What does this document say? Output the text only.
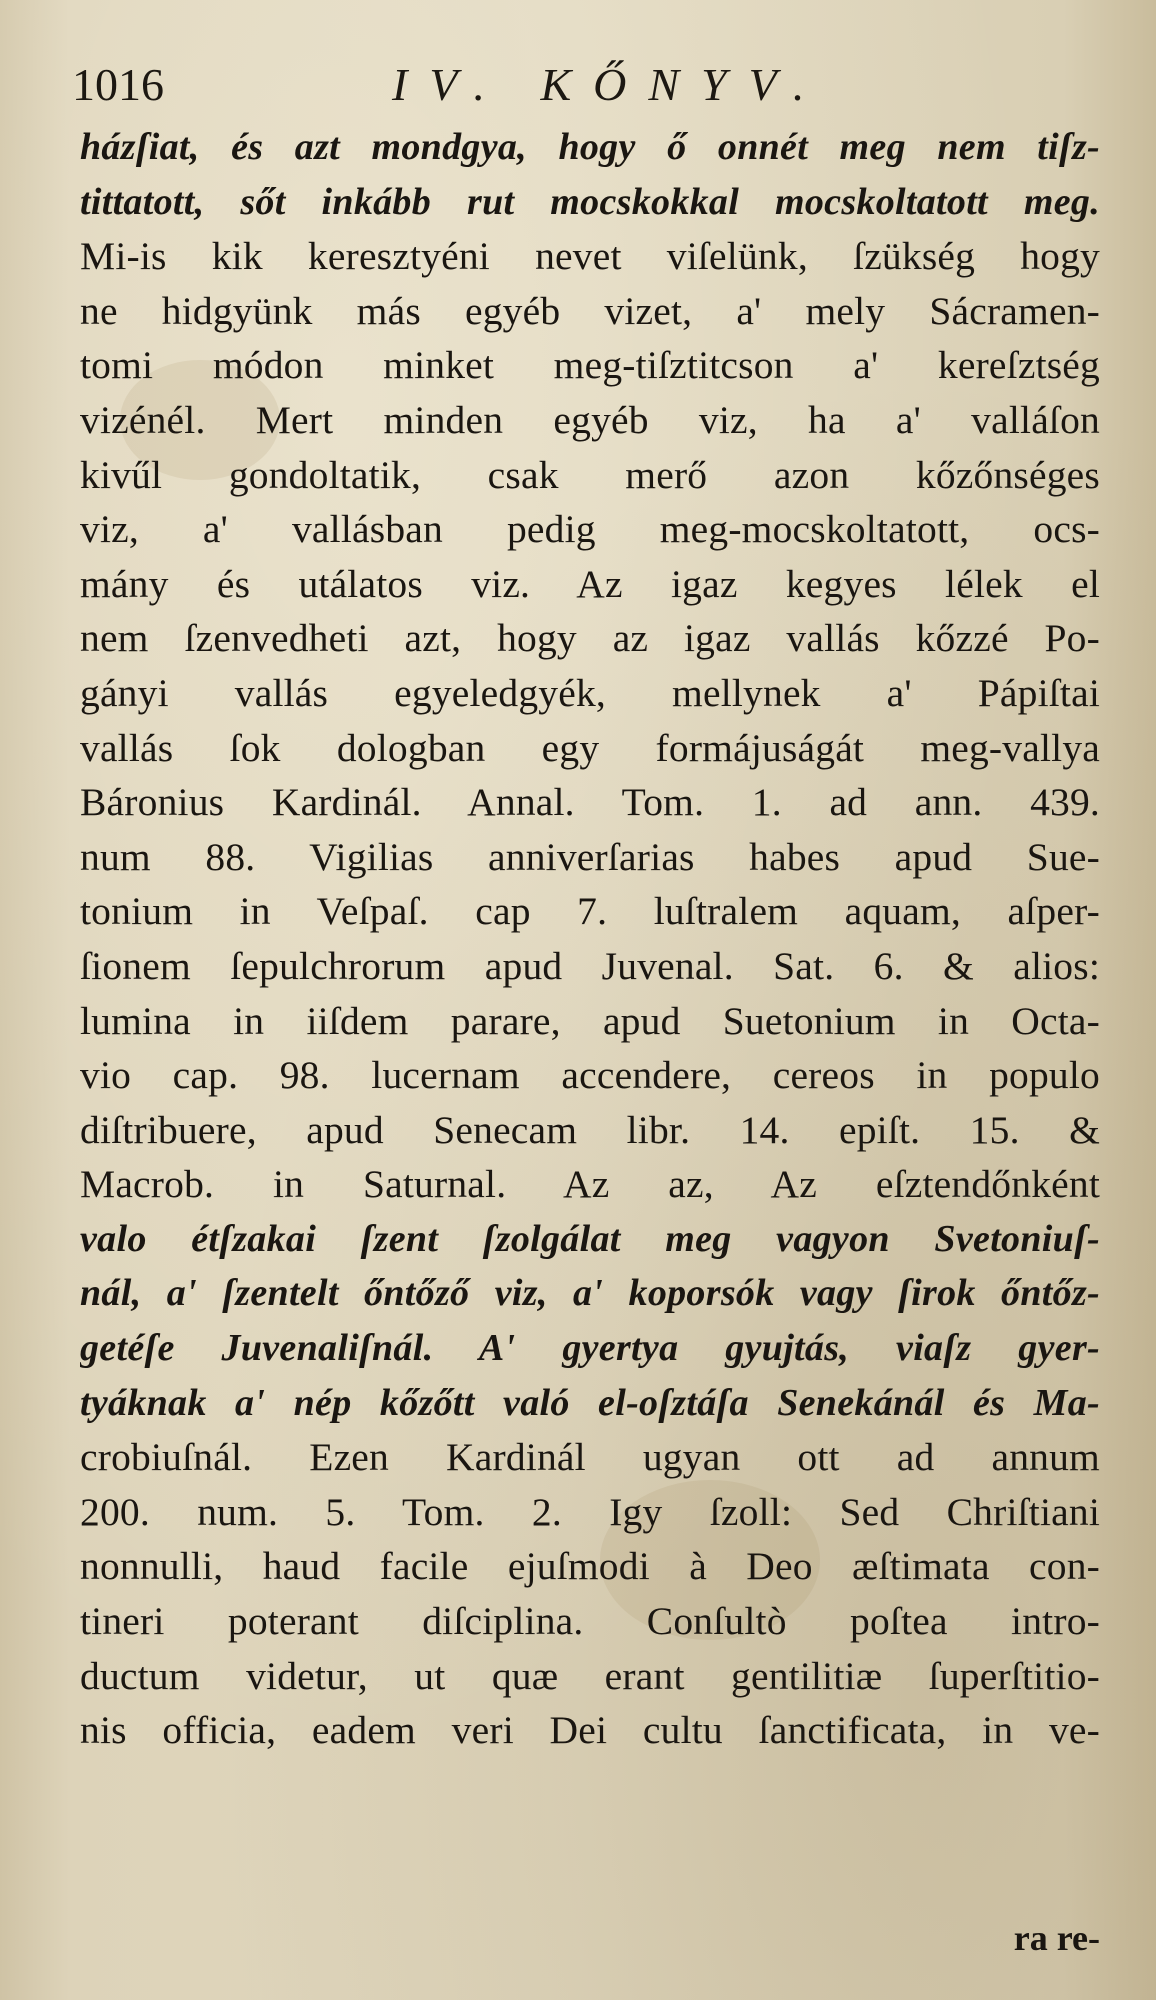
1016	IV. KŐNYV.
házſiat, és azt mondgya, hogy ő onnét meg nem tiſz-
tittatott, sőt inkább rut mocskokkal mocskoltatott meg.
Mi-is kik keresztyéni nevet viſelünk, ſzükség hogy
ne hidgyünk más egyéb vizet, a' mely Sácramen-
tomi módon minket meg-tiſztitcson a' kereſztség
vizénél. Mert minden egyéb viz, ha a' valláſon
kivűl gondoltatik, csak merő azon kőzőnséges
viz, a' vallásban pedig meg-mocskoltatott, ocs-
mány és utálatos viz. Az igaz kegyes lélek el
nem ſzenvedheti azt, hogy az igaz vallás kőzzé Po-
gányi vallás egyeledgyék, mellynek a' Pápiſtai
vallás ſok dologban egy formájuságát meg-vallya
Báronius Kardinál. Annal. Tom. 1. ad ann. 439.
num 88. Vigilias anniverſarias habes apud Sue-
tonium in Veſpaſ. cap 7. luſtralem aquam, aſper-
ſionem ſepulchrorum apud Juvenal. Sat. 6. & alios:
lumina in iiſdem parare, apud Suetonium in Octa-
vio cap. 98. lucernam accendere, cereos in populo
diſtribuere, apud Senecam libr. 14. epiſt. 15. &
Macrob. in Saturnal. Az az, Az eſztendőnként
valo étſzakai ſzent ſzolgálat meg vagyon Svetoniuſ-
nál, a' ſzentelt őntőző viz, a' koporsók vagy ſirok őntőz-
getéſe Juvenaliſnál. A' gyertya gyujtás, viaſz gyer-
tyáknak a' nép kőzőtt való el-oſztáſa Senekánál és Ma-
crobiuſnál. Ezen Kardinál ugyan ott ad annum
200. num. 5. Tom. 2. Igy ſzoll: Sed Chriſtiani
nonnulli, haud facile ejuſmodi à Deo æſtimata con-
tineri poterant diſciplina. Conſultò poſtea intro-
ductum videtur, ut quæ erant gentilitiæ ſuperſtitio-
nis officia, eadem veri Dei cultu ſanctificata, in ve-
ra re-
